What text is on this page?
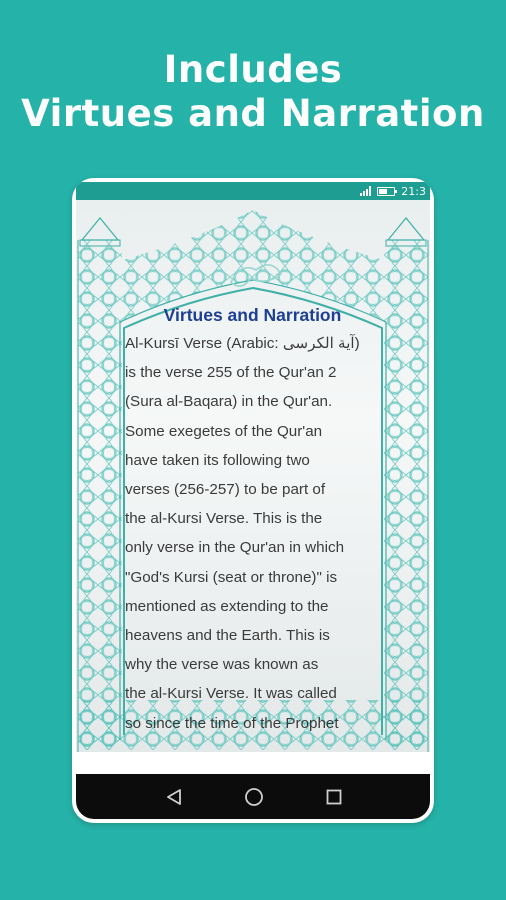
Includes
Virtues and Narration
21:3
Virtues and Narration
Al-Kursī Verse (Arabic: آية الكرسى)
is the verse 255 of the Qur'an 2
(Sura al-Baqara) in the Qur'an.
Some exegetes of the Qur'an
have taken its following two
verses (256-257) to be part of
the al-Kursi Verse. This is the
only verse in the Qur'an in which
"God's Kursi (seat or throne)" is
mentioned as extending to the
heavens and the Earth. This is
why the verse was known as
the al-Kursi Verse. It was called
so since the time of the Prophet
